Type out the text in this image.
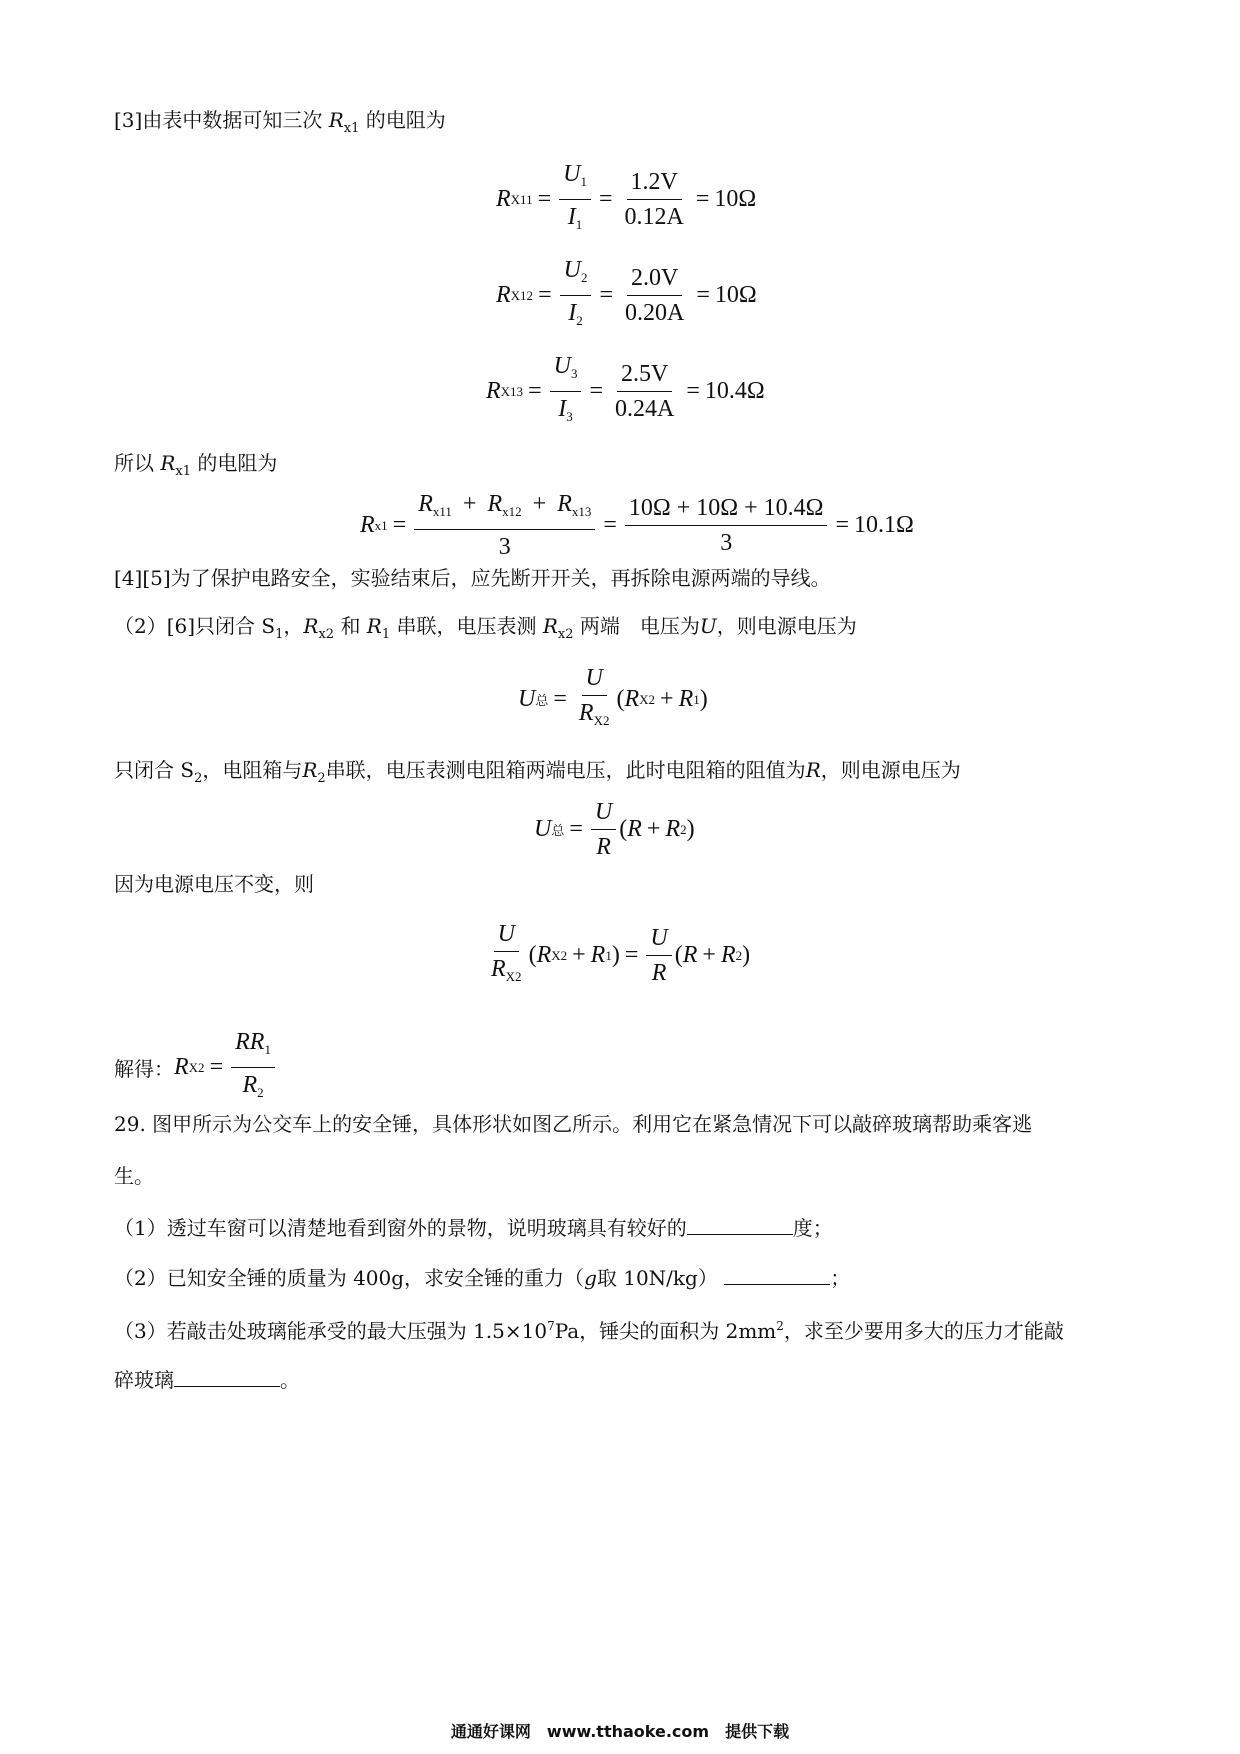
[3]由表中数据可知三次 $R_{x1}$ 的电阻为
R $X11 = \frac{U_1}{I_1} = \frac{1.2V}{0.12A} = 10\Omega$
R $X12 = \frac{U_2}{I_2} = \frac{2.0V}{0.20A} = 10\Omega$
R $X13 = \frac{U_3}{I_3} = \frac{2.5V}{0.24A} = 10.4\Omega$
所以 $R_{x1}$ 的电阻为
R $x1 = \frac{R_{x11} + R_{x12} + R_{x13}}{3} = \frac{10\Omega + 10\Omega + 10.4\Omega}{3} = 10.1\Omega$
[4][5]为了保护电路安全，实验结束后，应先断开开关，再拆除电源两端的导线。
（2）[6]只闭合 $S_1$，$R_{x2}$ 和 $R_1$ 串联，电压表测 $R_{x2}$ 两端　电压为U，则电源电压为
U 总 = $\frac{U}{R_{X2}}$ ( R X2 + R 1 )
只闭合 $S_2$，电阻箱与$R_2$串联，电压表测电阻箱两端电压，此时电阻箱的阻值为R，则电源电压为
U 总 = $\frac{U}{R}$ ( R + R 2 )
因为电源电压不变，则
$\frac{U}{R_{X2}}$ ( R X2 + R 1 ) = $\frac{U}{R}$ ( R + R 2 )
解得： R $X2 = \frac{RR_1}{R_2}$
29. 图甲所示为公交车上的安全锤，具体形状如图乙所示。利用它在紧急情况下可以敲碎玻璃帮助乘客逃
生。
（1）透过车窗可以清楚地看到窗外的景物，说明玻璃具有较好的	度；
（2）已知安全锤的质量为 400g，求安全锤的重力（g取 10N/kg）	；
（3）若敲击处玻璃能承受的最大压强为 $1.5\times 10^7Pa$，锤尖的面积为 $2mm^2$，求至少要用多大的压力才能敲
碎玻璃	。
通通好课网　www.tthaoke.com　提供下载
